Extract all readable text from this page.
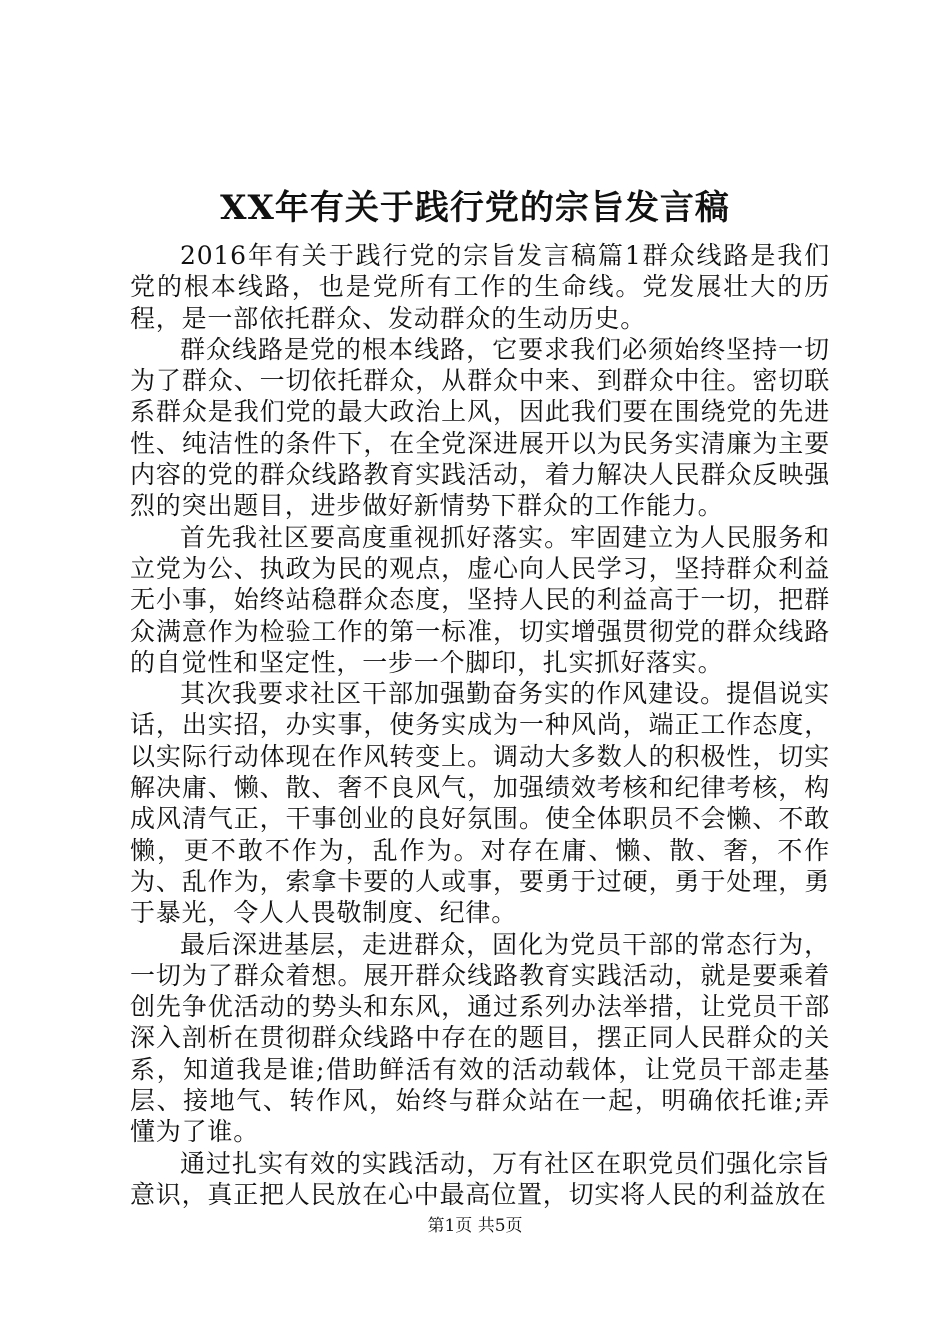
XX年有关于践行党的宗旨发言稿

2016年有关于践行党的宗旨发言稿篇1群众线路是我们党的根本线路，也是党所有工作的生命线。党发展壮大的历程，是一部依托群众、发动群众的生动历史。

群众线路是党的根本线路，它要求我们必须始终坚持一切为了群众、一切依托群众，从群众中来、到群众中往。密切联系群众是我们党的最大政治上风，因此我们要在围绕党的先进性、纯洁性的条件下，在全党深进展开以为民务实清廉为主要内容的党的群众线路教育实践活动，着力解决人民群众反映强烈的突出题目，进步做好新情势下群众的工作能力。

首先我社区要高度重视抓好落实。牢固建立为人民服务和立党为公、执政为民的观点，虚心向人民学习，坚持群众利益无小事，始终站稳群众态度，坚持人民的利益高于一切，把群众满意作为检验工作的第一标准，切实增强贯彻党的群众线路的自觉性和坚定性，一步一个脚印，扎实抓好落实。

其次我要求社区干部加强勤奋务实的作风建设。提倡说实话，出实招，办实事，使务实成为一种风尚，端正工作态度，以实际行动体现在作风转变上。调动大多数人的积极性，切实解决庸、懒、散、奢不良风气，加强绩效考核和纪律考核，构成风清气正，干事创业的良好氛围。使全体职员不会懒、不敢懒，更不敢不作为，乱作为。对存在庸、懒、散、奢，不作为、乱作为，索拿卡要的人或事，要勇于过硬，勇于处理，勇于暴光，令人人畏敬制度、纪律。

最后深进基层，走进群众，固化为党员干部的常态行为，一切为了群众着想。展开群众线路教育实践活动，就是要乘着创先争优活动的势头和东风，通过系列办法举措，让党员干部深入剖析在贯彻群众线路中存在的题目，摆正同人民群众的关系，知道我是谁;借助鲜活有效的活动载体，让党员干部走基层、接地气、转作风，始终与群众站在一起，明确依托谁;弄懂为了谁。

通过扎实有效的实践活动，万有社区在职党员们强化宗旨意识，真正把人民放在心中最高位置，切实将人民的利益放在

第1页 共5页
